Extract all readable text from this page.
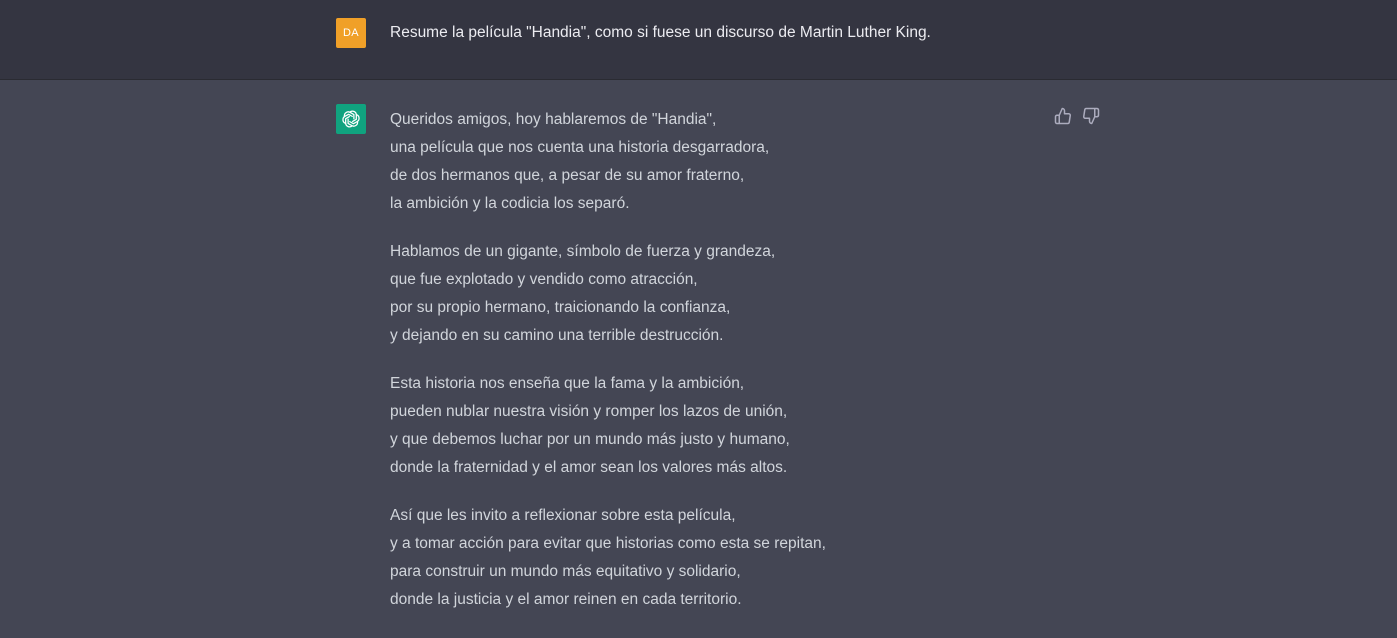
DA	Resume la película "Handia", como si fuese un discurso de Martin Luther King.

Queridos amigos, hoy hablaremos de "Handia",
una película que nos cuenta una historia desgarradora,
de dos hermanos que, a pesar de su amor fraterno,
la ambición y la codicia los separó.

Hablamos de un gigante, símbolo de fuerza y grandeza,
que fue explotado y vendido como atracción,
por su propio hermano, traicionando la confianza,
y dejando en su camino una terrible destrucción.

Esta historia nos enseña que la fama y la ambición,
pueden nublar nuestra visión y romper los lazos de unión,
y que debemos luchar por un mundo más justo y humano,
donde la fraternidad y el amor sean los valores más altos.

Así que les invito a reflexionar sobre esta película,
y a tomar acción para evitar que historias como esta se repitan,
para construir un mundo más equitativo y solidario,
donde la justicia y el amor reinen en cada territorio.
